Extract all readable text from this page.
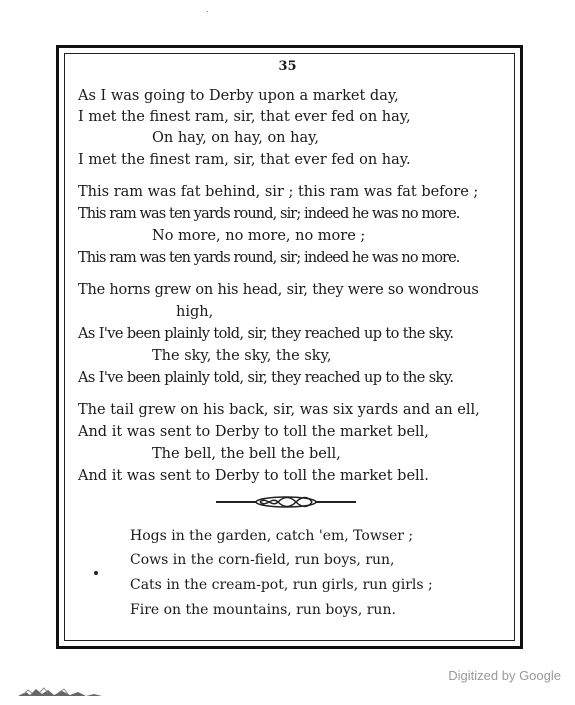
35
As I was going to Derby upon a market day,
I met the finest ram, sir, that ever fed on hay,
On hay, on hay, on hay,
I met the finest ram, sir, that ever fed on hay.
This ram was fat behind, sir ; this ram was fat before ;
This ram was ten yards round, sir; indeed he was no more.
No more, no more, no more ;
This ram was ten yards round, sir; indeed he was no more.
The horns grew on his head, sir, they were so wondrous
high,
As I've been plainly told, sir, they reached up to the sky.
The sky, the sky, the sky,
As I've been plainly told, sir, they reached up to the sky.
The tail grew on his back, sir, was six yards and an ell,
And it was sent to Derby to toll the market bell,
The bell, the bell the bell,
And it was sent to Derby to toll the market bell.
Hogs in the garden, catch 'em, Towser ;
Cows in the corn-field, run boys, run,
Cats in the cream-pot, run girls, run girls ;
Fire on the mountains, run boys, run.
Digitized by Google
